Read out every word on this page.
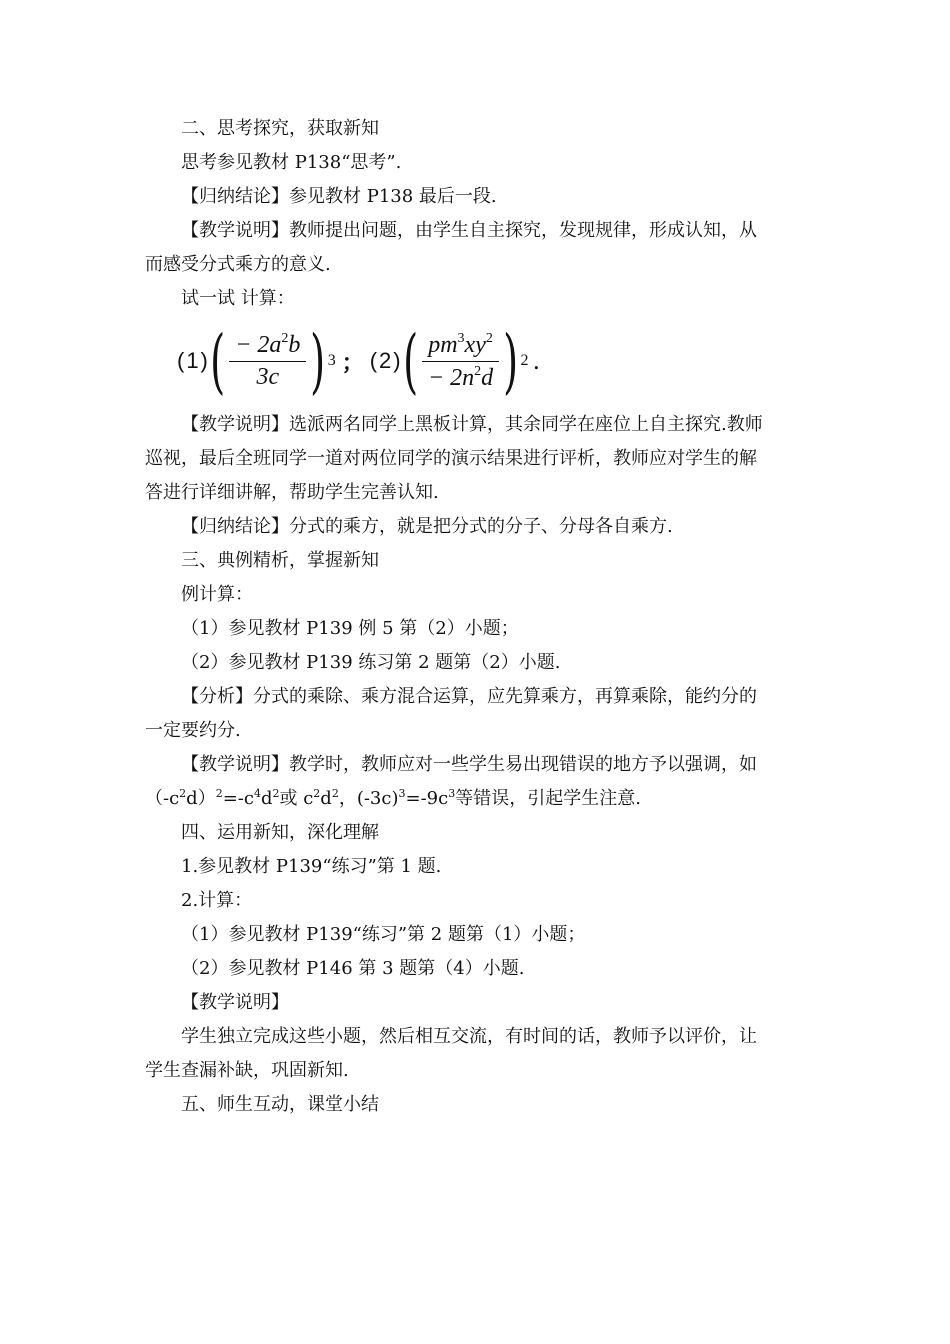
二、思考探究，获取新知

思考参见教材 P138“思考”.

【归纳结论】参见教材 P138 最后一段.

【教学说明】教师提出问题，由学生自主探究，发现规律，形成认知，从

而感受分式乘方的意义.

试一试 计算：

(1) ( $\frac{- 2a^2b}{3c}$ ) 3 ； (2) ( $\frac{pm^3xy^2}{- 2n^2d}$ ) 2 .

【教学说明】选派两名同学上黑板计算，其余同学在座位上自主探究.教师

巡视，最后全班同学一道对两位同学的演示结果进行评析，教师应对学生的解

答进行详细讲解，帮助学生完善认知.

【归纳结论】分式的乘方，就是把分式的分子、分母各自乘方.

三、典例精析，掌握新知

例计算：

（1）参见教材 P139 例 5 第（2）小题；

（2）参见教材 P139 练习第 2 题第（2）小题.

【分析】分式的乘除、乘方混合运算，应先算乘方，再算乘除，能约分的

一定要约分.

【教学说明】教学时，教师应对一些学生易出现错误的地方予以强调，如

$(-c^2d)^2=-c^4d^2$或 $c^2d^2$，$(-3c)^3=-9c^3$等错误，引起学生注意.

四、运用新知，深化理解

1.参见教材 P139“练习”第 1 题.

2.计算：

（1）参见教材 P139“练习”第 2 题第（1）小题；

（2）参见教材 P146 第 3 题第（4）小题.

【教学说明】

学生独立完成这些小题，然后相互交流，有时间的话，教师予以评价，让

学生查漏补缺，巩固新知.

五、师生互动，课堂小结
